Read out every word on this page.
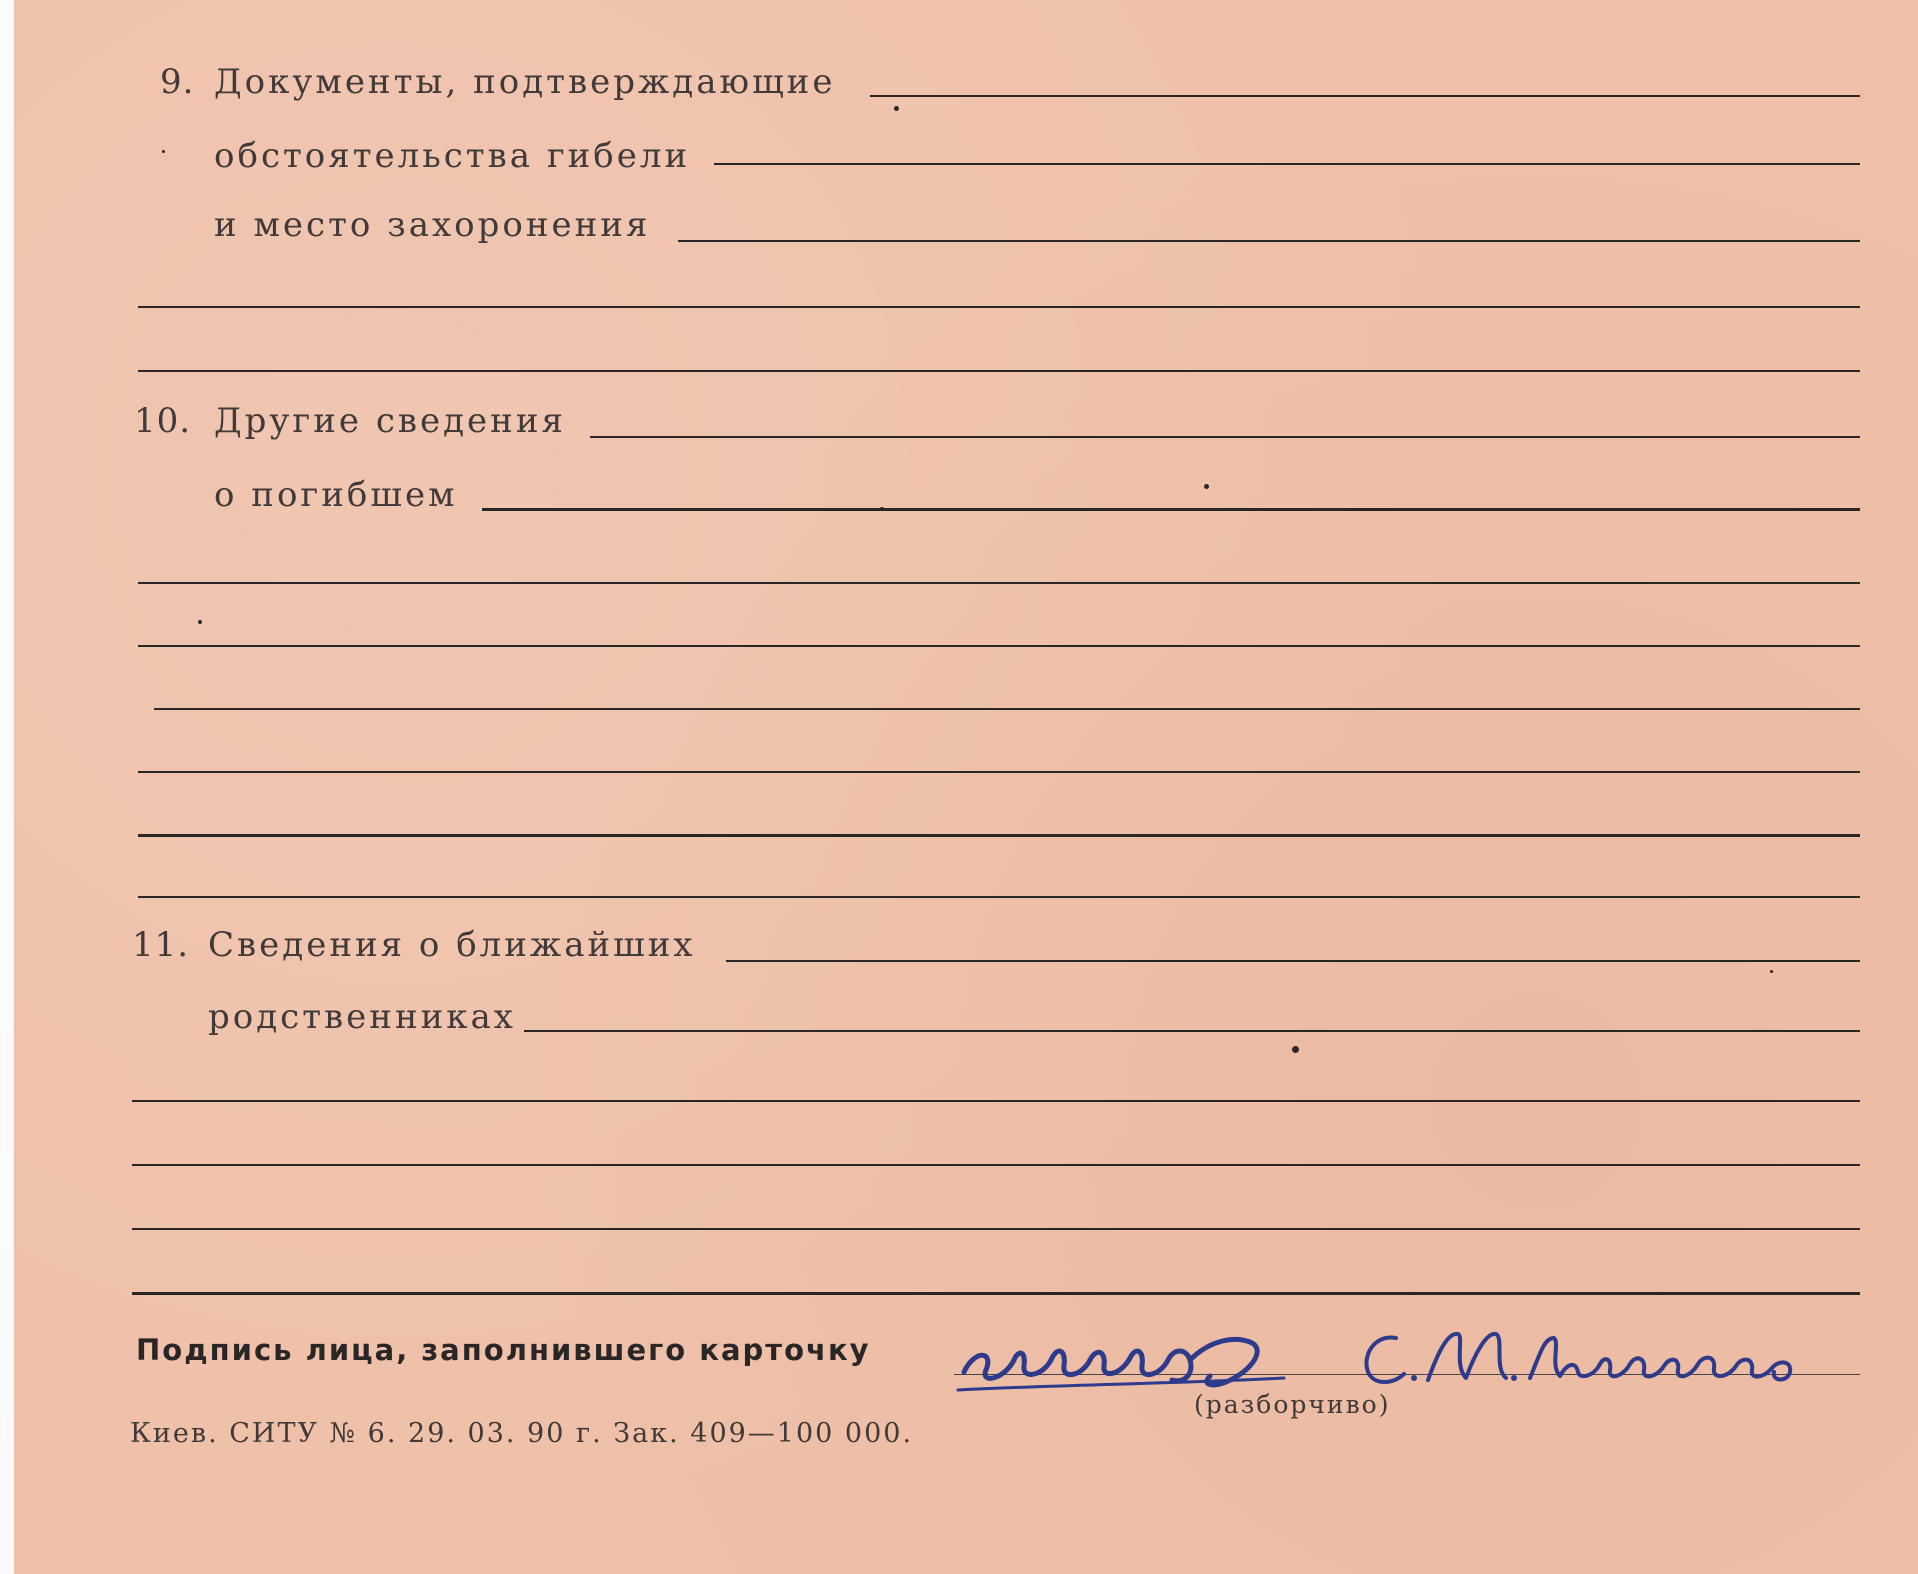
9. Документы, подтверждающие
обстоятельства гибели
и место захоронения
10. Другие сведения
о погибшем
11. Сведения о ближайших
родственниках
Подпись лица, заполнившего карточку
(разборчиво)
Киев. СИТУ № 6. 29. 03. 90 г. Зак. 409—100 000.
